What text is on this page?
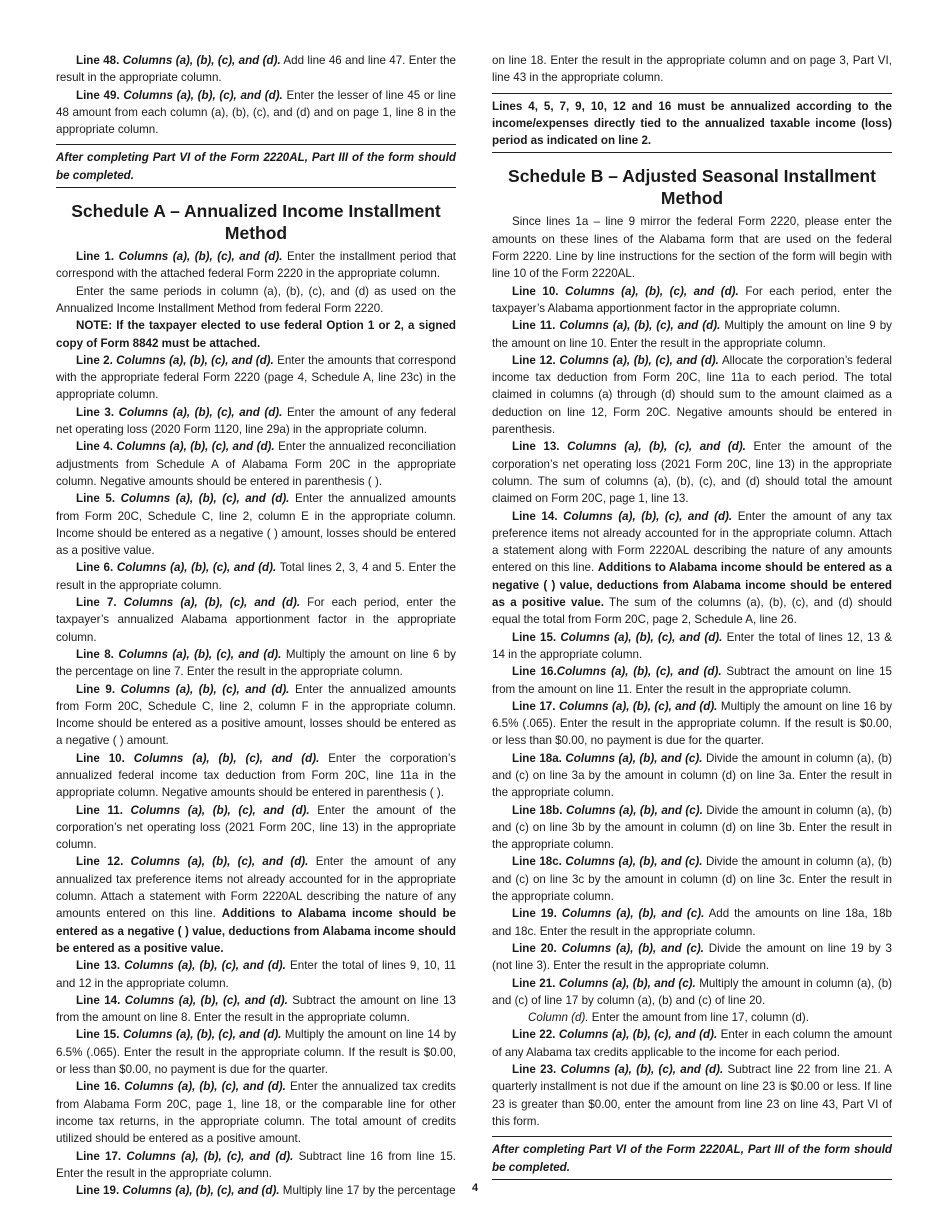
Line 48. Columns (a), (b), (c), and (d). Add line 46 and line 47. Enter the result in the appropriate column.

Line 49. Columns (a), (b), (c), and (d). Enter the lesser of line 45 or line 48 amount from each column (a), (b), (c), and (d) and on page 1, line 8 in the appropriate column.

After completing Part VI of the Form 2220AL, Part III of the form should be completed.
Schedule A – Annualized Income Installment Method

Line 1. Columns (a), (b), (c), and (d). Enter the installment period that correspond with the attached federal Form 2220 in the appropriate column.

Enter the same periods in column (a), (b), (c), and (d) as used on the Annualized Income Installment Method from federal Form 2220.

NOTE: If the taxpayer elected to use federal Option 1 or 2, a signed copy of Form 8842 must be attached.

Line 2. Columns (a), (b), (c), and (d). Enter the amounts that correspond with the appropriate federal Form 2220 (page 4, Schedule A, line 23c) in the appropriate column.

Line 3. Columns (a), (b), (c), and (d). Enter the amount of any federal net operating loss (2020 Form 1120, line 29a) in the appropriate column.

Line 4. Columns (a), (b), (c), and (d). Enter the annualized reconciliation adjustments from Schedule A of Alabama Form 20C in the appropriate column. Negative amounts should be entered in parenthesis ( ).

Line 5. Columns (a), (b), (c), and (d). Enter the annualized amounts from Form 20C, Schedule C, line 2, column E in the appropriate column. Income should be entered as a negative ( ) amount, losses should be entered as a positive value.

Line 6. Columns (a), (b), (c), and (d). Total lines 2, 3, 4 and 5. Enter the result in the appropriate column.

Line 7. Columns (a), (b), (c), and (d). For each period, enter the taxpayer’s annualized Alabama apportionment factor in the appropriate column.

Line 8. Columns (a), (b), (c), and (d). Multiply the amount on line 6 by the percentage on line 7. Enter the result in the appropriate column.

Line 9. Columns (a), (b), (c), and (d). Enter the annualized amounts from Form 20C, Schedule C, line 2, column F in the appropriate column. Income should be entered as a positive amount, losses should be entered as a negative ( ) amount.

Line 10. Columns (a), (b), (c), and (d). Enter the corporation’s annualized federal income tax deduction from Form 20C, line 11a in the appropriate column. Negative amounts should be entered in parenthesis ( ).

Line 11. Columns (a), (b), (c), and (d). Enter the amount of the corporation’s net operating loss (2021 Form 20C, line 13) in the appropriate column.

Line 12. Columns (a), (b), (c), and (d). Enter the amount of any annualized tax preference items not already accounted for in the appropriate column. Attach a statement with Form 2220AL describing the nature of any amounts entered on this line. Additions to Alabama income should be entered as a negative ( ) value, deductions from Alabama income should be entered as a positive value.

Line 13. Columns (a), (b), (c), and (d). Enter the total of lines 9, 10, 11 and 12 in the appropriate column.

Line 14. Columns (a), (b), (c), and (d). Subtract the amount on line 13 from the amount on line 8. Enter the result in the appropriate column.

Line 15. Columns (a), (b), (c), and (d). Multiply the amount on line 14 by 6.5% (.065). Enter the result in the appropriate column. If the result is $0.00, or less than $0.00, no payment is due for the quarter.

Line 16. Columns (a), (b), (c), and (d). Enter the annualized tax credits from Alabama Form 20C, page 1, line 18, or the comparable line for other income tax returns, in the appropriate column. The total amount of credits utilized should be entered as a positive amount.

Line 17. Columns (a), (b), (c), and (d). Subtract line 16 from line 15. Enter the result in the appropriate column.

Line 19. Columns (a), (b), (c), and (d). Multiply line 17 by the percentage

on line 18. Enter the result in the appropriate column and on page 3, Part VI, line 43 in the appropriate column.

Lines 4, 5, 7, 9, 10, 12 and 16 must be annualized according to the income/expenses directly tied to the annualized taxable income (loss) period as indicated on line 2.
Schedule B – Adjusted Seasonal Installment Method

Since lines 1a – line 9 mirror the federal Form 2220, please enter the amounts on these lines of the Alabama form that are used on the federal Form 2220. Line by line instructions for the section of the form will begin with line 10 of the Form 2220AL.

Line 10. Columns (a), (b), (c), and (d). For each period, enter the taxpayer’s Alabama apportionment factor in the appropriate column.

Line 11. Columns (a), (b), (c), and (d). Multiply the amount on line 9 by the amount on line 10. Enter the result in the appropriate column.

Line 12. Columns (a), (b), (c), and (d). Allocate the corporation’s federal income tax deduction from Form 20C, line 11a to each period. The total claimed in columns (a) through (d) should sum to the amount claimed as a deduction on line 12, Form 20C. Negative amounts should be entered in parenthesis.

Line 13. Columns (a), (b), (c), and (d). Enter the amount of the corporation’s net operating loss (2021 Form 20C, line 13) in the appropriate column. The sum of columns (a), (b), (c), and (d) should total the amount claimed on Form 20C, page 1, line 13.

Line 14. Columns (a), (b), (c), and (d). Enter the amount of any tax preference items not already accounted for in the appropriate column. Attach a statement along with Form 2220AL describing the nature of any amounts entered on this line. Additions to Alabama income should be entered as a negative ( ) value, deductions from Alabama income should be entered as a positive value. The sum of the columns (a), (b), (c), and (d) should equal the total from Form 20C, page 2, Schedule A, line 26.

Line 15. Columns (a), (b), (c), and (d). Enter the total of lines 12, 13 & 14 in the appropriate column.

Line 16.Columns (a), (b), (c), and (d). Subtract the amount on line 15 from the amount on line 11. Enter the result in the appropriate column.

Line 17. Columns (a), (b), (c), and (d). Multiply the amount on line 16 by 6.5% (.065). Enter the result in the appropriate column. If the result is $0.00, or less than $0.00, no payment is due for the quarter.

Line 18a. Columns (a), (b), and (c). Divide the amount in column (a), (b) and (c) on line 3a by the amount in column (d) on line 3a. Enter the result in the appropriate column.

Line 18b. Columns (a), (b), and (c). Divide the amount in column (a), (b) and (c) on line 3b by the amount in column (d) on line 3b. Enter the result in the appropriate column.

Line 18c. Columns (a), (b), and (c). Divide the amount in column (a), (b) and (c) on line 3c by the amount in column (d) on line 3c. Enter the result in the appropriate column.

Line 19. Columns (a), (b), and (c). Add the amounts on line 18a, 18b and 18c. Enter the result in the appropriate column.

Line 20. Columns (a), (b), and (c). Divide the amount on line 19 by 3 (not line 3). Enter the result in the appropriate column.

Line 21. Columns (a), (b), and (c). Multiply the amount in column (a), (b) and (c) of line 17 by column (a), (b) and (c) of line 20.

Column (d). Enter the amount from line 17, column (d).

Line 22. Columns (a), (b), (c), and (d). Enter in each column the amount of any Alabama tax credits applicable to the income for each period.

Line 23. Columns (a), (b), (c), and (d). Subtract line 22 from line 21. A quarterly installment is not due if the amount on line 23 is $0.00 or less. If line 23 is greater than $0.00, enter the amount from line 23 on line 43, Part VI of this form.

After completing Part VI of the Form 2220AL, Part III of the form should be completed.
4
